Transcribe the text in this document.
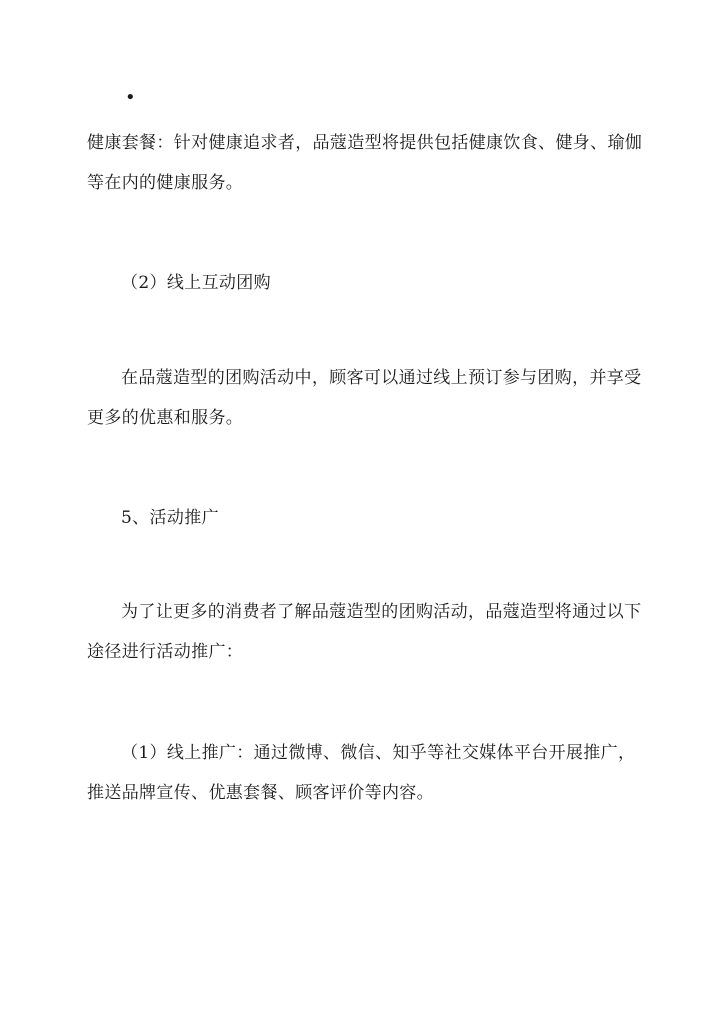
•

健康套餐：针对健康追求者，品蔻造型将提供包括健康饮食、健身、瑜伽
等在内的健康服务。

（2）线上互动团购

在品蔻造型的团购活动中，顾客可以通过线上预订参与团购，并享受
更多的优惠和服务。

5、活动推广

为了让更多的消费者了解品蔻造型的团购活动，品蔻造型将通过以下
途径进行活动推广：

（1）线上推广：通过微博、微信、知乎等社交媒体平台开展推广，
推送品牌宣传、优惠套餐、顾客评价等内容。
